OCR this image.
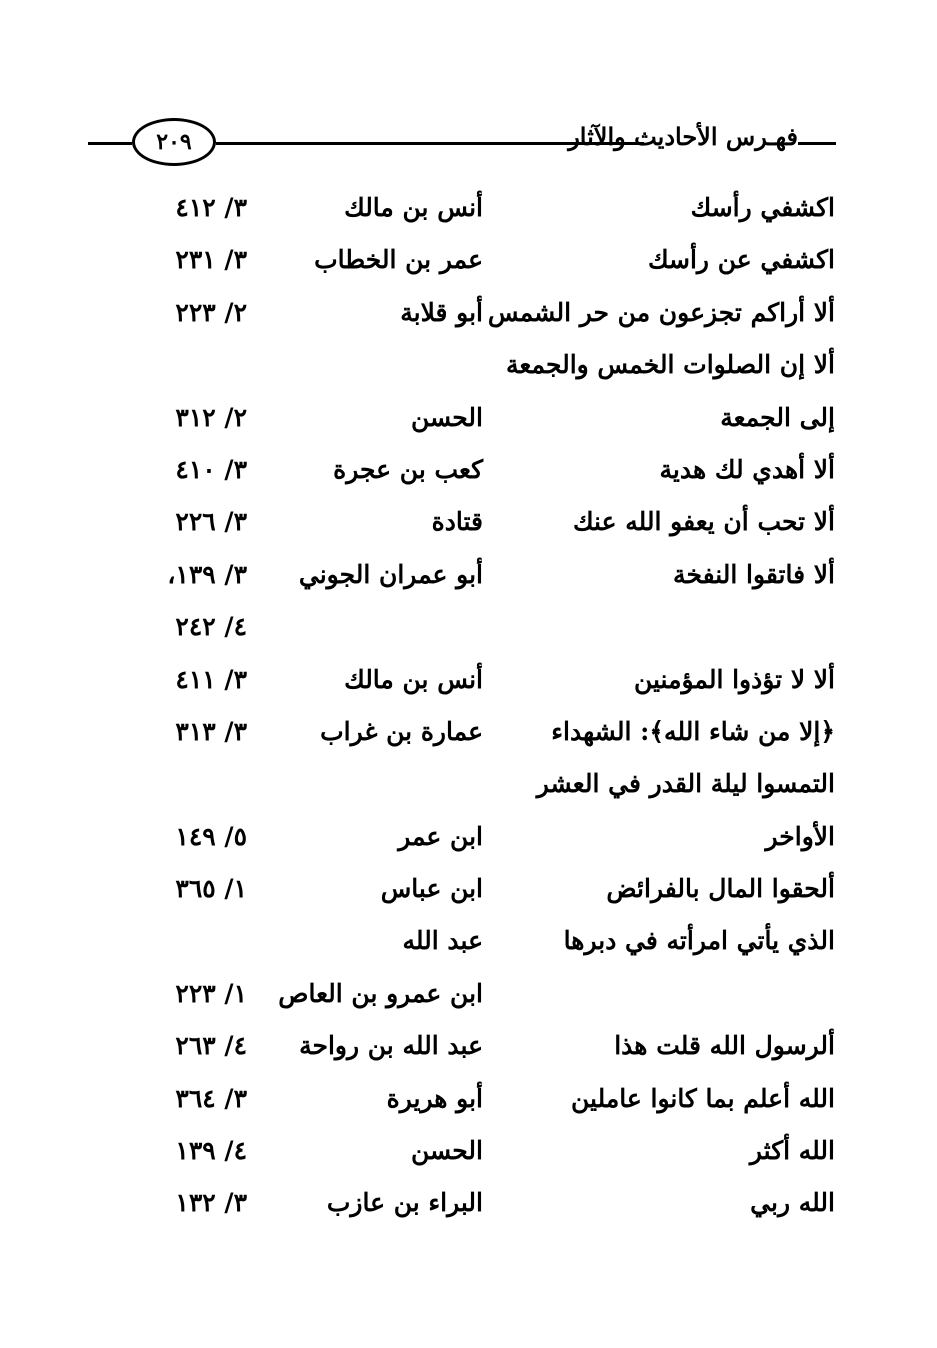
٢٠٩	فهـرس الأحاديث والآثار
اكشفي رأسك
أنس بن مالك
٣/ ٤١٢
اكشفي عن رأسك
عمر بن الخطاب
٣/ ٢٣١
ألا أراكم تجزعون من حر الشمس
أبو قلابة
٢/ ٢٢٣
ألا إن الصلوات الخمس والجمعة
إلى الجمعة
الحسن
٢/ ٣١٢
ألا أهدي لك هدية
كعب بن عجرة
٣/ ٤١٠
ألا تحب أن يعفو الله عنك
قتادة
٣/ ٢٢٦
ألا فاتقوا النفخة
أبو عمران الجوني
٣/ ١٣٩،
٤/ ٢٤٢
ألا لا تؤذوا المؤمنين
أنس بن مالك
٣/ ٤١١
﴿إلا من شاء الله﴾: الشهداء
عمارة بن غراب
٣/ ٣١٣
التمسوا ليلة القدر في العشر
الأواخر
ابن عمر
٥/ ١٤٩
ألحقوا المال بالفرائض
ابن عباس
١/ ٣٦٥
الذي يأتي امرأته في دبرها
عبد الله
ابن عمرو بن العاص
١/ ٢٢٣
ألرسول الله قلت هذا
عبد الله بن رواحة
٤/ ٢٦٣
الله أعلم بما كانوا عاملين
أبو هريرة
٣/ ٣٦٤
الله أكثر
الحسن
٤/ ١٣٩
الله ربي
البراء بن عازب
٣/ ١٣٢
